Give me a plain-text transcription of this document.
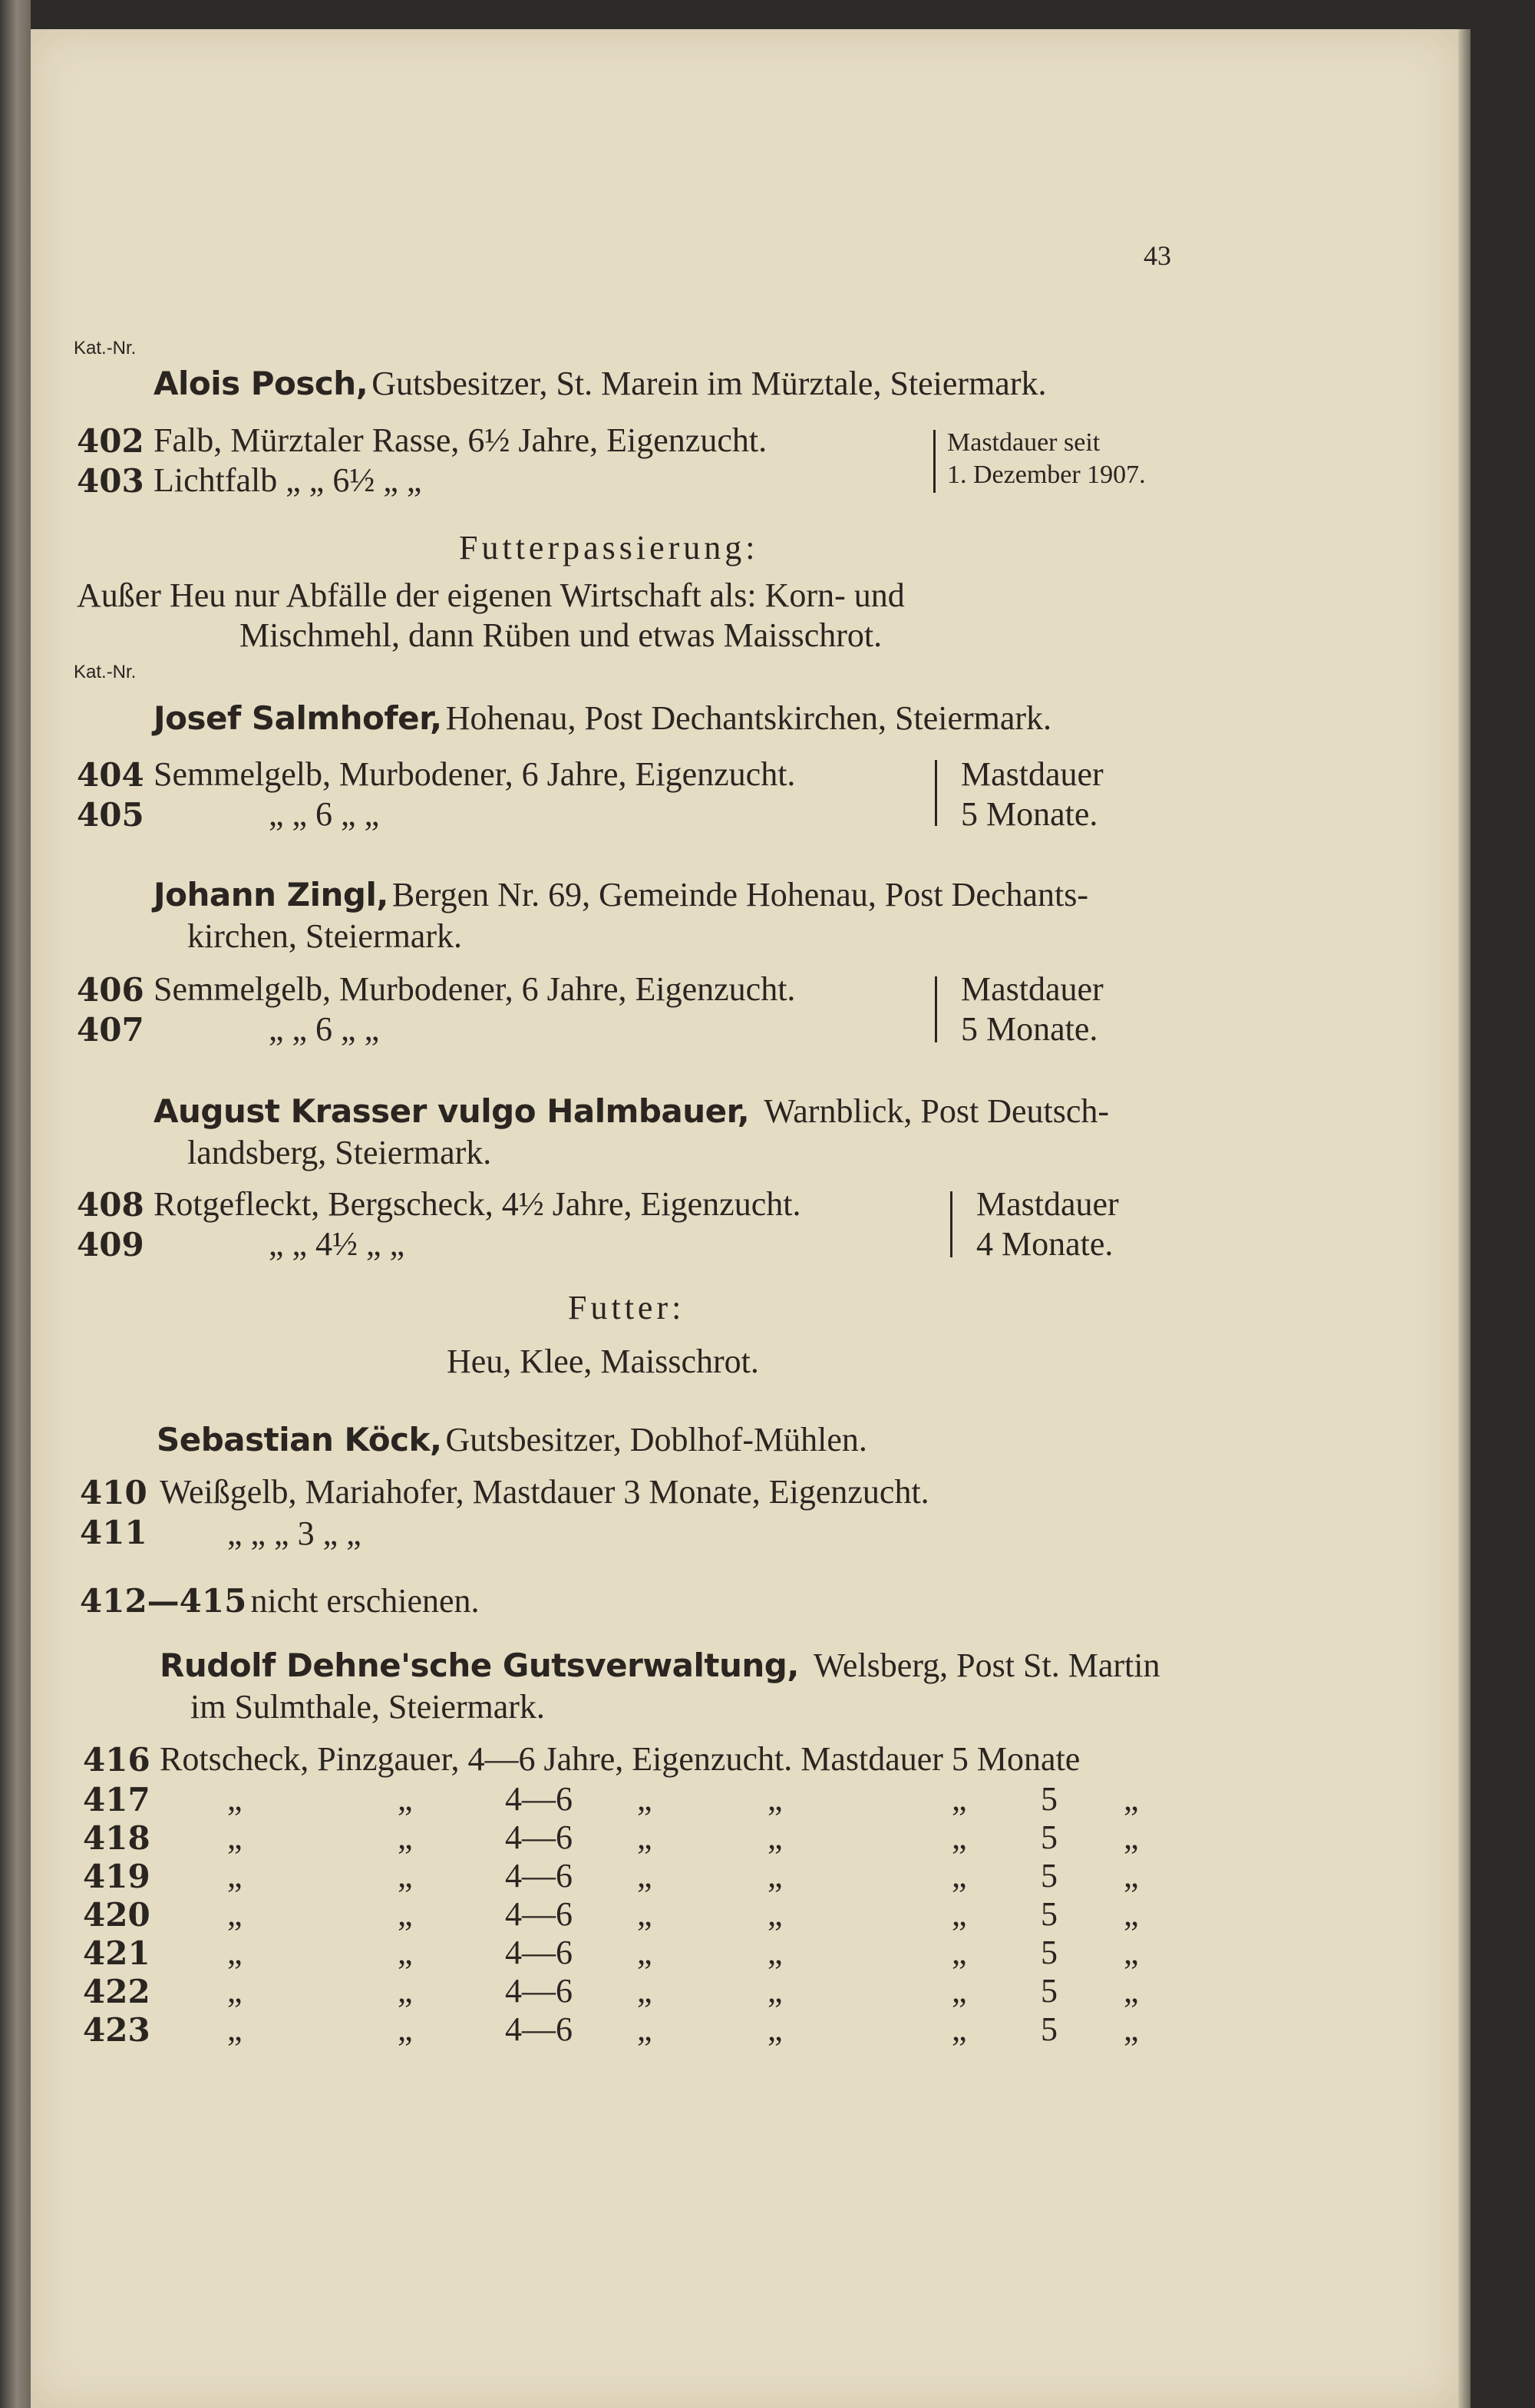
43
Kat.-Nr.
Alois Posch, Gutsbesitzer, St. Marein im Mürztale, Steiermark.
402 Falb, Mürztaler Rasse, 6½ Jahre, Eigenzucht.
403 Lichtfalb „ „ 6½ „ „
Mastdauer seit
1. Dezember 1907.
Futterpassierung:
Außer Heu nur Abfälle der eigenen Wirtschaft als: Korn- und
Mischmehl, dann Rüben und etwas Maisschrot.
Kat.-Nr.
Josef Salmhofer, Hohenau, Post Dechantskirchen, Steiermark.
404 Semmelgelb, Murbodener, 6 Jahre, Eigenzucht.
405	„ „ 6 „ „
Mastdauer
5 Monate.
Johann Zingl, Bergen Nr. 69, Gemeinde Hohenau, Post Dechants-
kirchen, Steiermark.
406 Semmelgelb, Murbodener, 6 Jahre, Eigenzucht.
407	„ „ 6 „ „
Mastdauer
5 Monate.
August Krasser vulgo Halmbauer, Warnblick, Post Deutsch-
landsberg, Steiermark.
408 Rotgefleckt, Bergscheck, 4½ Jahre, Eigenzucht.
409	„ „ 4½ „ „
Mastdauer
4 Monate.
Futter:
Heu, Klee, Maisschrot.
Sebastian Köck, Gutsbesitzer, Doblhof-Mühlen.
410 Weißgelb, Mariahofer, Mastdauer 3 Monate, Eigenzucht.
411 „ „ „ 3 „ „
412—415 nicht erschienen.
Rudolf Dehne'sche Gutsverwaltung, Welsberg, Post St. Martin
im Sulmthale, Steiermark.
416 Rotscheck, Pinzgauer, 4—6 Jahre, Eigenzucht. Mastdauer 5 Monate
417 „	„	4—6 „	„	„ 5 „
418 „	„	4—6 „	„	„ 5 „
419 „	„	4—6 „	„	„ 5 „
420 „	„	4—6 „	„	„ 5 „
421 „	„	4—6 „	„	„ 5 „
422 „	„	4—6 „	„	„ 5 „
423 „	„	4—6 „	„	„ 5 „
